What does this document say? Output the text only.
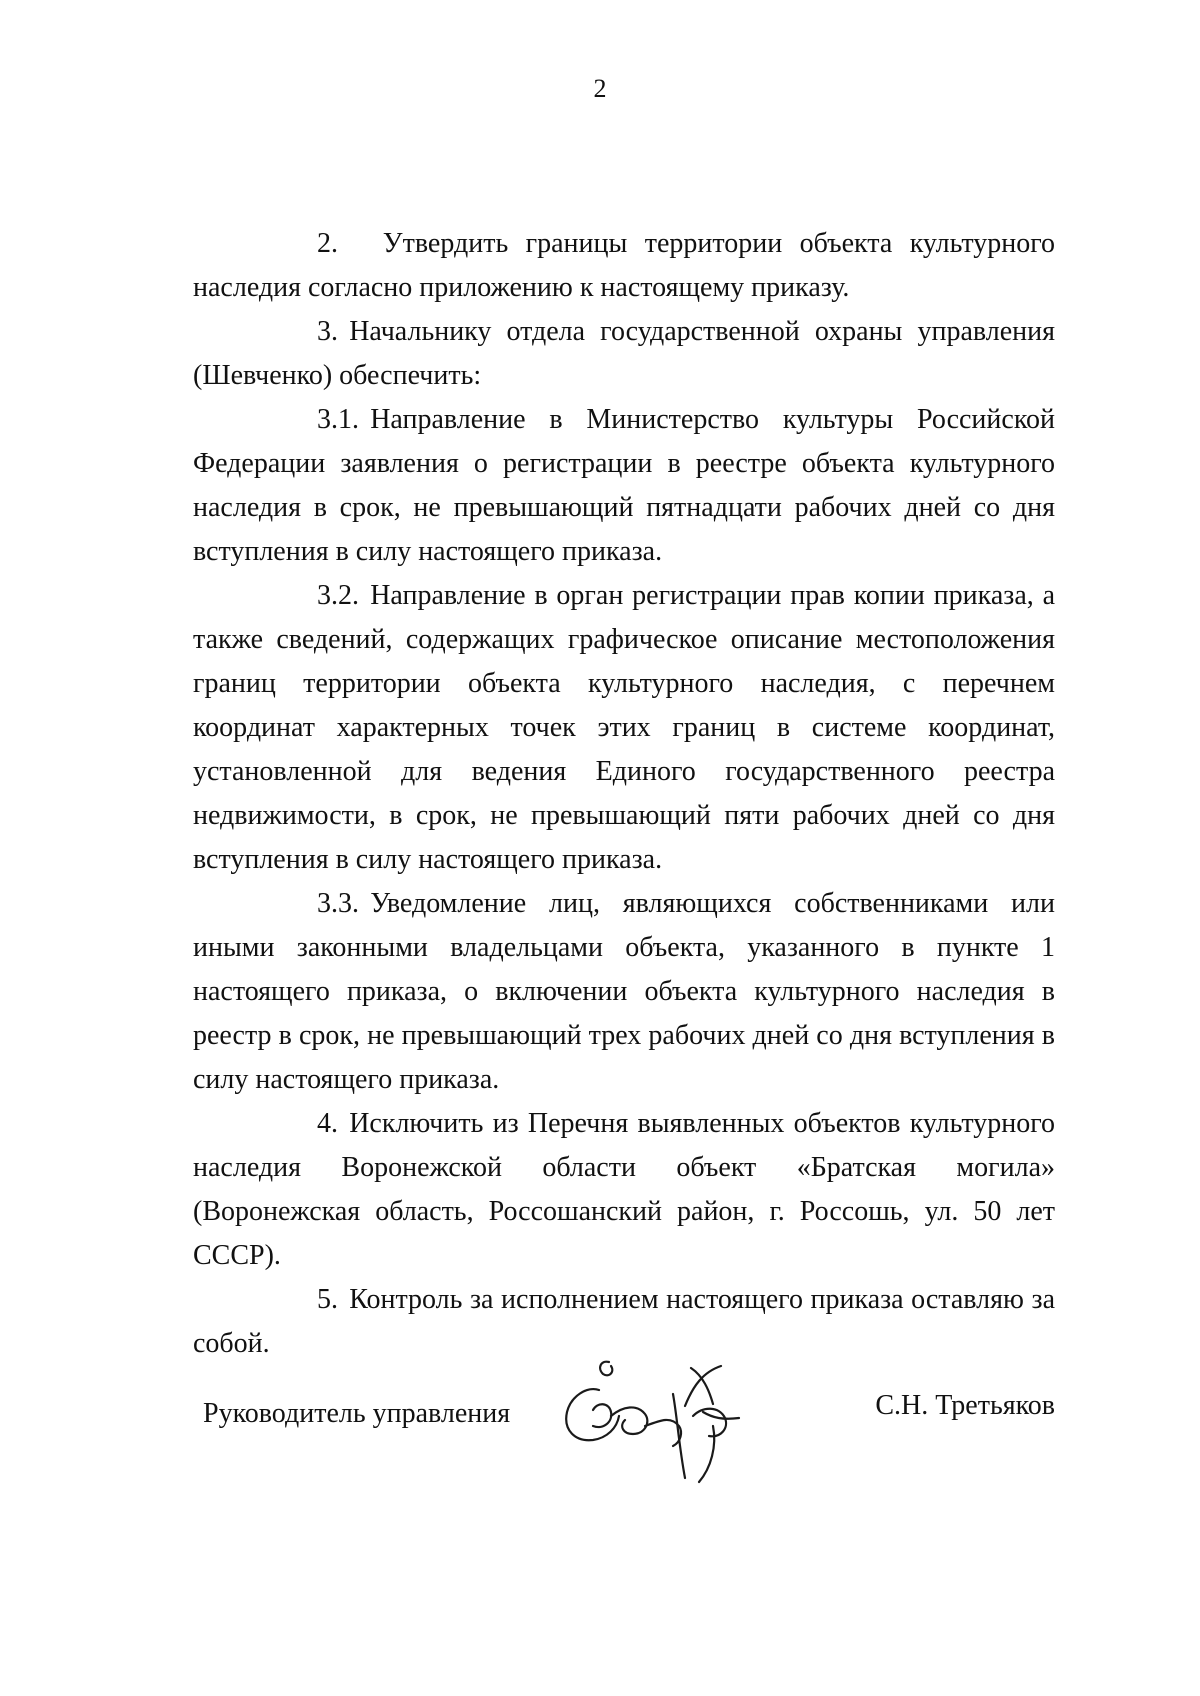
2

2. Утвердить границы территории объекта культурного наследия согласно приложению к настоящему приказу.

3. Начальнику отдела государственной охраны управления (Шевченко) обеспечить:

3.1. Направление в Министерство культуры Российской Федерации заявления о регистрации в реестре объекта культурного наследия в срок, не превышающий пятнадцати рабочих дней со дня вступления в силу настоящего приказа.

3.2. Направление в орган регистрации прав копии приказа, а также сведений, содержащих графическое описание местоположения границ территории объекта культурного наследия, с перечнем координат характерных точек этих границ в системе координат, установленной для ведения Единого государственного реестра недвижимости, в срок, не превышающий пяти рабочих дней со дня вступления в силу настоящего приказа.

3.3. Уведомление лиц, являющихся собственниками или иными законными владельцами объекта, указанного в пункте 1 настоящего приказа, о включении объекта культурного наследия в реестр в срок, не превышающий трех рабочих дней со дня вступления в силу настоящего приказа.

4. Исключить из Перечня выявленных объектов культурного наследия Воронежской области объект «Братская могила» (Воронежская область, Россошанский район, г. Россошь, ул. 50 лет СССР).

5. Контроль за исполнением настоящего приказа оставляю за собой.

Руководитель управления	С.Н. Третьяков
